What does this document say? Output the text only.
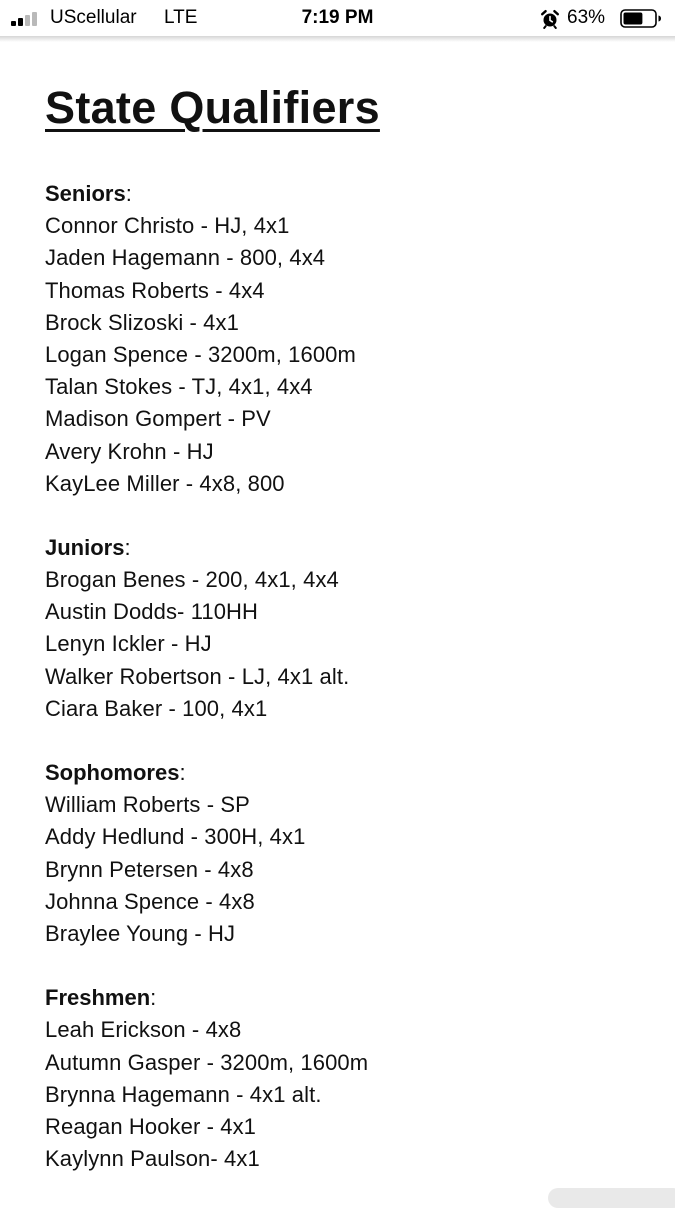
UScellular LTE	7:19 PM	63%
State Qualifiers
Seniors:
Connor Christo - HJ, 4x1
Jaden Hagemann - 800, 4x4
Thomas Roberts - 4x4
Brock Slizoski - 4x1
Logan Spence - 3200m, 1600m
Talan Stokes - TJ, 4x1, 4x4
Madison Gompert - PV
Avery Krohn - HJ
KayLee Miller - 4x8, 800
Juniors:
Brogan Benes - 200, 4x1, 4x4
Austin Dodds- 110HH
Lenyn Ickler - HJ
Walker Robertson - LJ, 4x1 alt.
Ciara Baker - 100, 4x1
Sophomores:
William Roberts - SP
Addy Hedlund - 300H, 4x1
Brynn Petersen - 4x8
Johnna Spence - 4x8
Braylee Young - HJ
Freshmen:
Leah Erickson - 4x8
Autumn Gasper - 3200m, 1600m
Brynna Hagemann - 4x1 alt.
Reagan Hooker - 4x1
Kaylynn Paulson- 4x1
